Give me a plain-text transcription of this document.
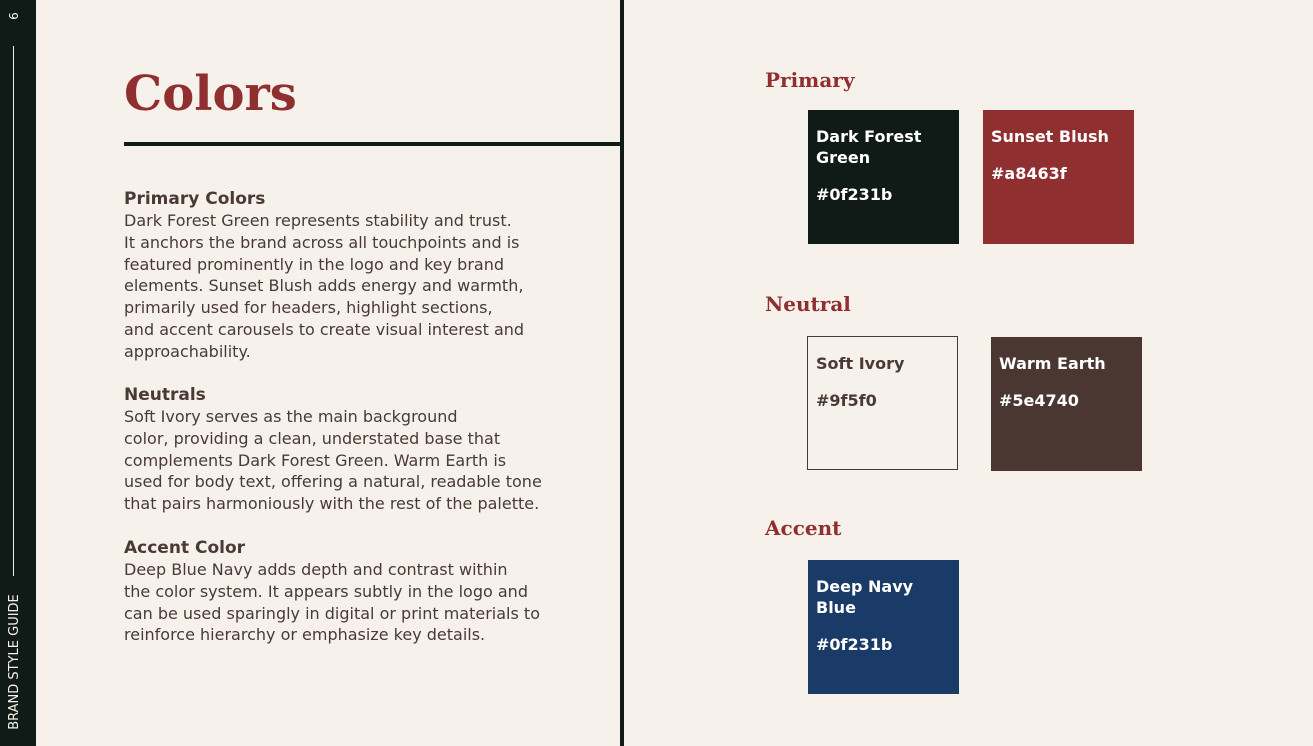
6
BRAND STYLE GUIDE
Colors
Primary Colors

Dark Forest Green represents stability and trust.
It anchors the brand across all touchpoints and is
featured prominently in the logo and key brand
elements. Sunset Blush adds energy and warmth,
primarily used for headers, highlight sections,
and accent carousels to create visual interest and
approachability.

Neutrals

Soft Ivory serves as the main background
color, providing a clean, understated base that
complements Dark Forest Green. Warm Earth is
used for body text, offering a natural, readable tone
that pairs harmoniously with the rest of the palette.

Accent Color

Deep Blue Navy adds depth and contrast within
the color system. It appears subtly in the logo and
can be used sparingly in digital or print materials to
reinforce hierarchy or emphasize key details.

Primary
Neutral
Accent
Dark Forest Green
#0f231b
Sunset Blush
#a8463f
Soft Ivory
#9f5f0
Warm Earth
#5e4740
Deep Navy Blue
#0f231b
